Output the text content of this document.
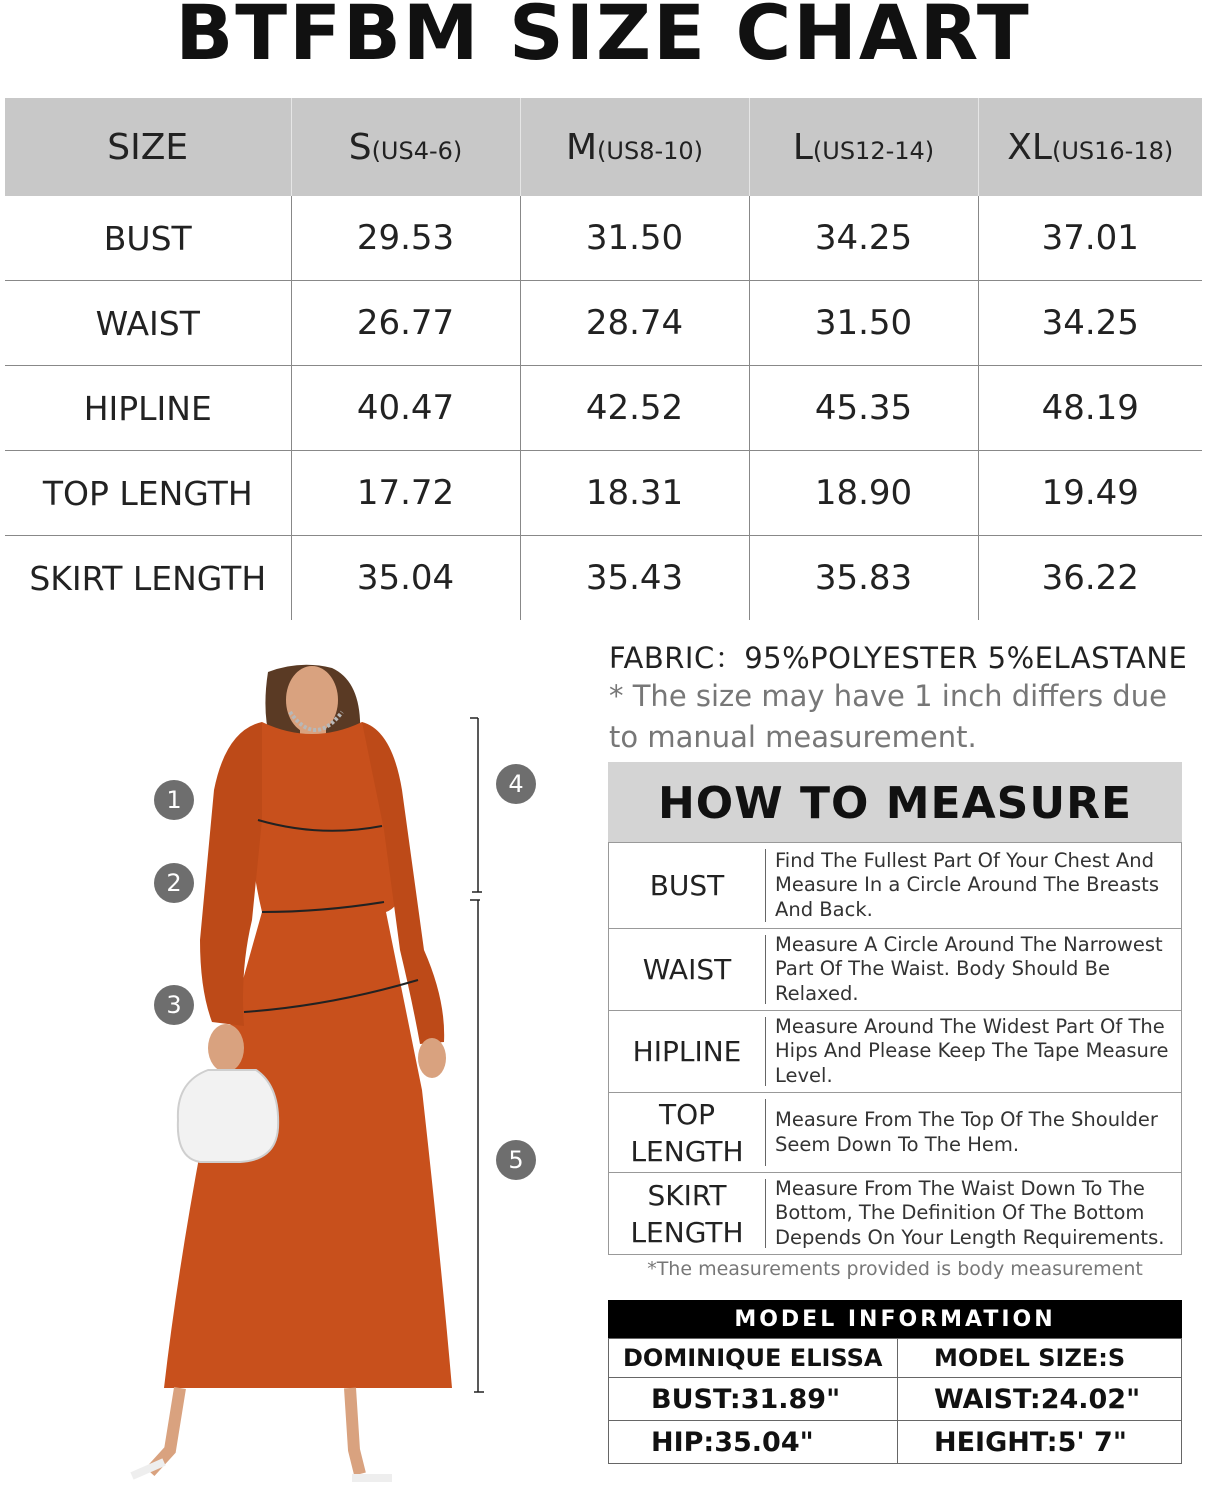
BTFBM SIZE CHART
SIZE	S(US4-6)	M(US8-10)	L(US12-14)	XL(US16-18)
BUST	29.53	31.50	34.25	37.01
WAIST	26.77	28.74	31.50	34.25
HIPLINE	40.47	42.52	45.35	48.19
TOP LENGTH	17.72	18.31	18.90	19.49
SKIRT LENGTH	35.04	35.43	35.83	36.22
1
2
3
4
5
FABRIC：95%POLYESTER 5%ELASTANE
* The size may have 1 inch differs due to manual measurement.
HOW TO MEASURE
BUST	Find The Fullest Part Of Your Chest And Measure In a Circle Around The Breasts And Back.
WAIST	Measure A Circle Around The Narrowest Part Of The Waist. Body Should Be Relaxed.
HIPLINE	Measure Around The Widest Part Of The Hips And Please Keep The Tape Measure Level.
TOP LENGTH	Measure From The Top Of The Shoulder Seem Down To The Hem.
SKIRT LENGTH	Measure From The Waist Down To The Bottom, The Definition Of The Bottom Depends On Your Length Requirements.
*The measurements provided is body measurement
MODEL INFORMATION
DOMINIQUE ELISSA	MODEL SIZE:S
BUST:31.89"	WAIST:24.02"
HIP:35.04"	HEIGHT:5' 7"
